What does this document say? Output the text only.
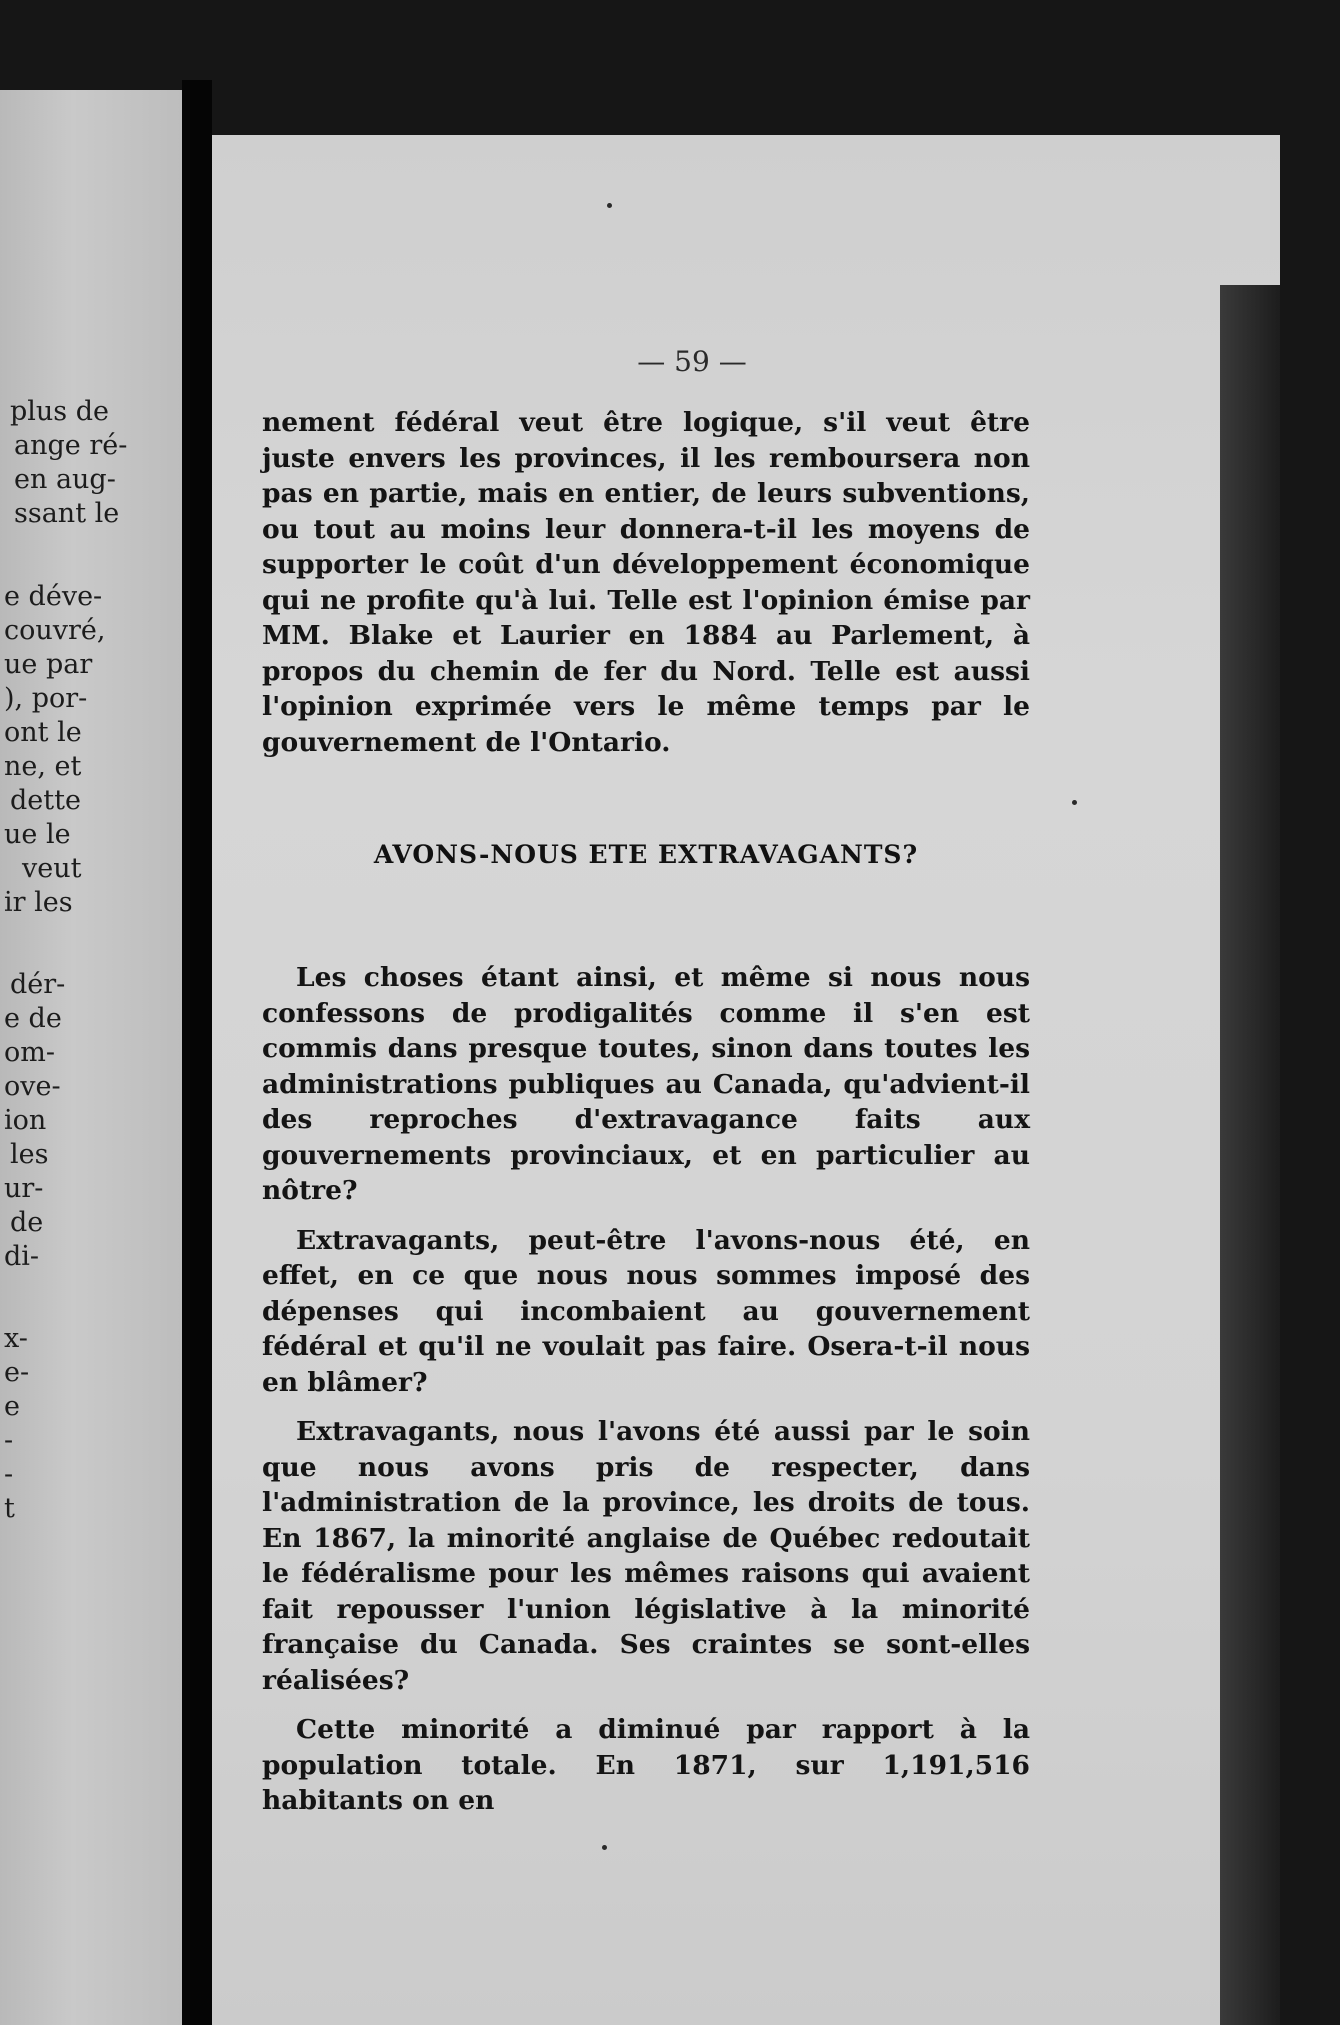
plus de
ange ré-
en aug-
ssant le
e déve-
couvré,
ue par
), por-
ont le
ne, et
dette
ue le
veut
ir les
dér-
e de
om-
ove-
ion
les
ur-
de
di-
x-
e-
e
-
-
t
— 59 —

nement fédéral veut être logique, s'il veut être juste envers les provinces, il les remboursera non pas en partie, mais en entier, de leurs subventions, ou tout au moins leur donnera-t-il les moyens de supporter le coût d'un développement économique qui ne profite qu'à lui. Telle est l'opinion émise par MM. Blake et Laurier en 1884 au Parlement, à propos du chemin de fer du Nord. Telle est aussi l'opinion exprimée vers le même temps par le gouvernement de l'Ontario.

AVONS-NOUS ETE EXTRAVAGANTS?

Les choses étant ainsi, et même si nous nous confessons de prodigalités comme il s'en est commis dans presque toutes, sinon dans toutes les administrations publiques au Canada, qu'advient-il des reproches d'extravagance faits aux gouvernements provinciaux, et en particulier au nôtre?

Extravagants, peut-être l'avons-nous été, en effet, en ce que nous nous sommes imposé des dépenses qui incombaient au gouvernement fédéral et qu'il ne voulait pas faire. Osera-t-il nous en blâmer?

Extravagants, nous l'avons été aussi par le soin que nous avons pris de respecter, dans l'administration de la province, les droits de tous. En 1867, la minorité anglaise de Québec redoutait le fédéralisme pour les mêmes raisons qui avaient fait repousser l'union législative à la minorité française du Canada. Ses craintes se sont-elles réalisées?

Cette minorité a diminué par rapport à la population totale. En 1871, sur 1,191,516 habitants on en
